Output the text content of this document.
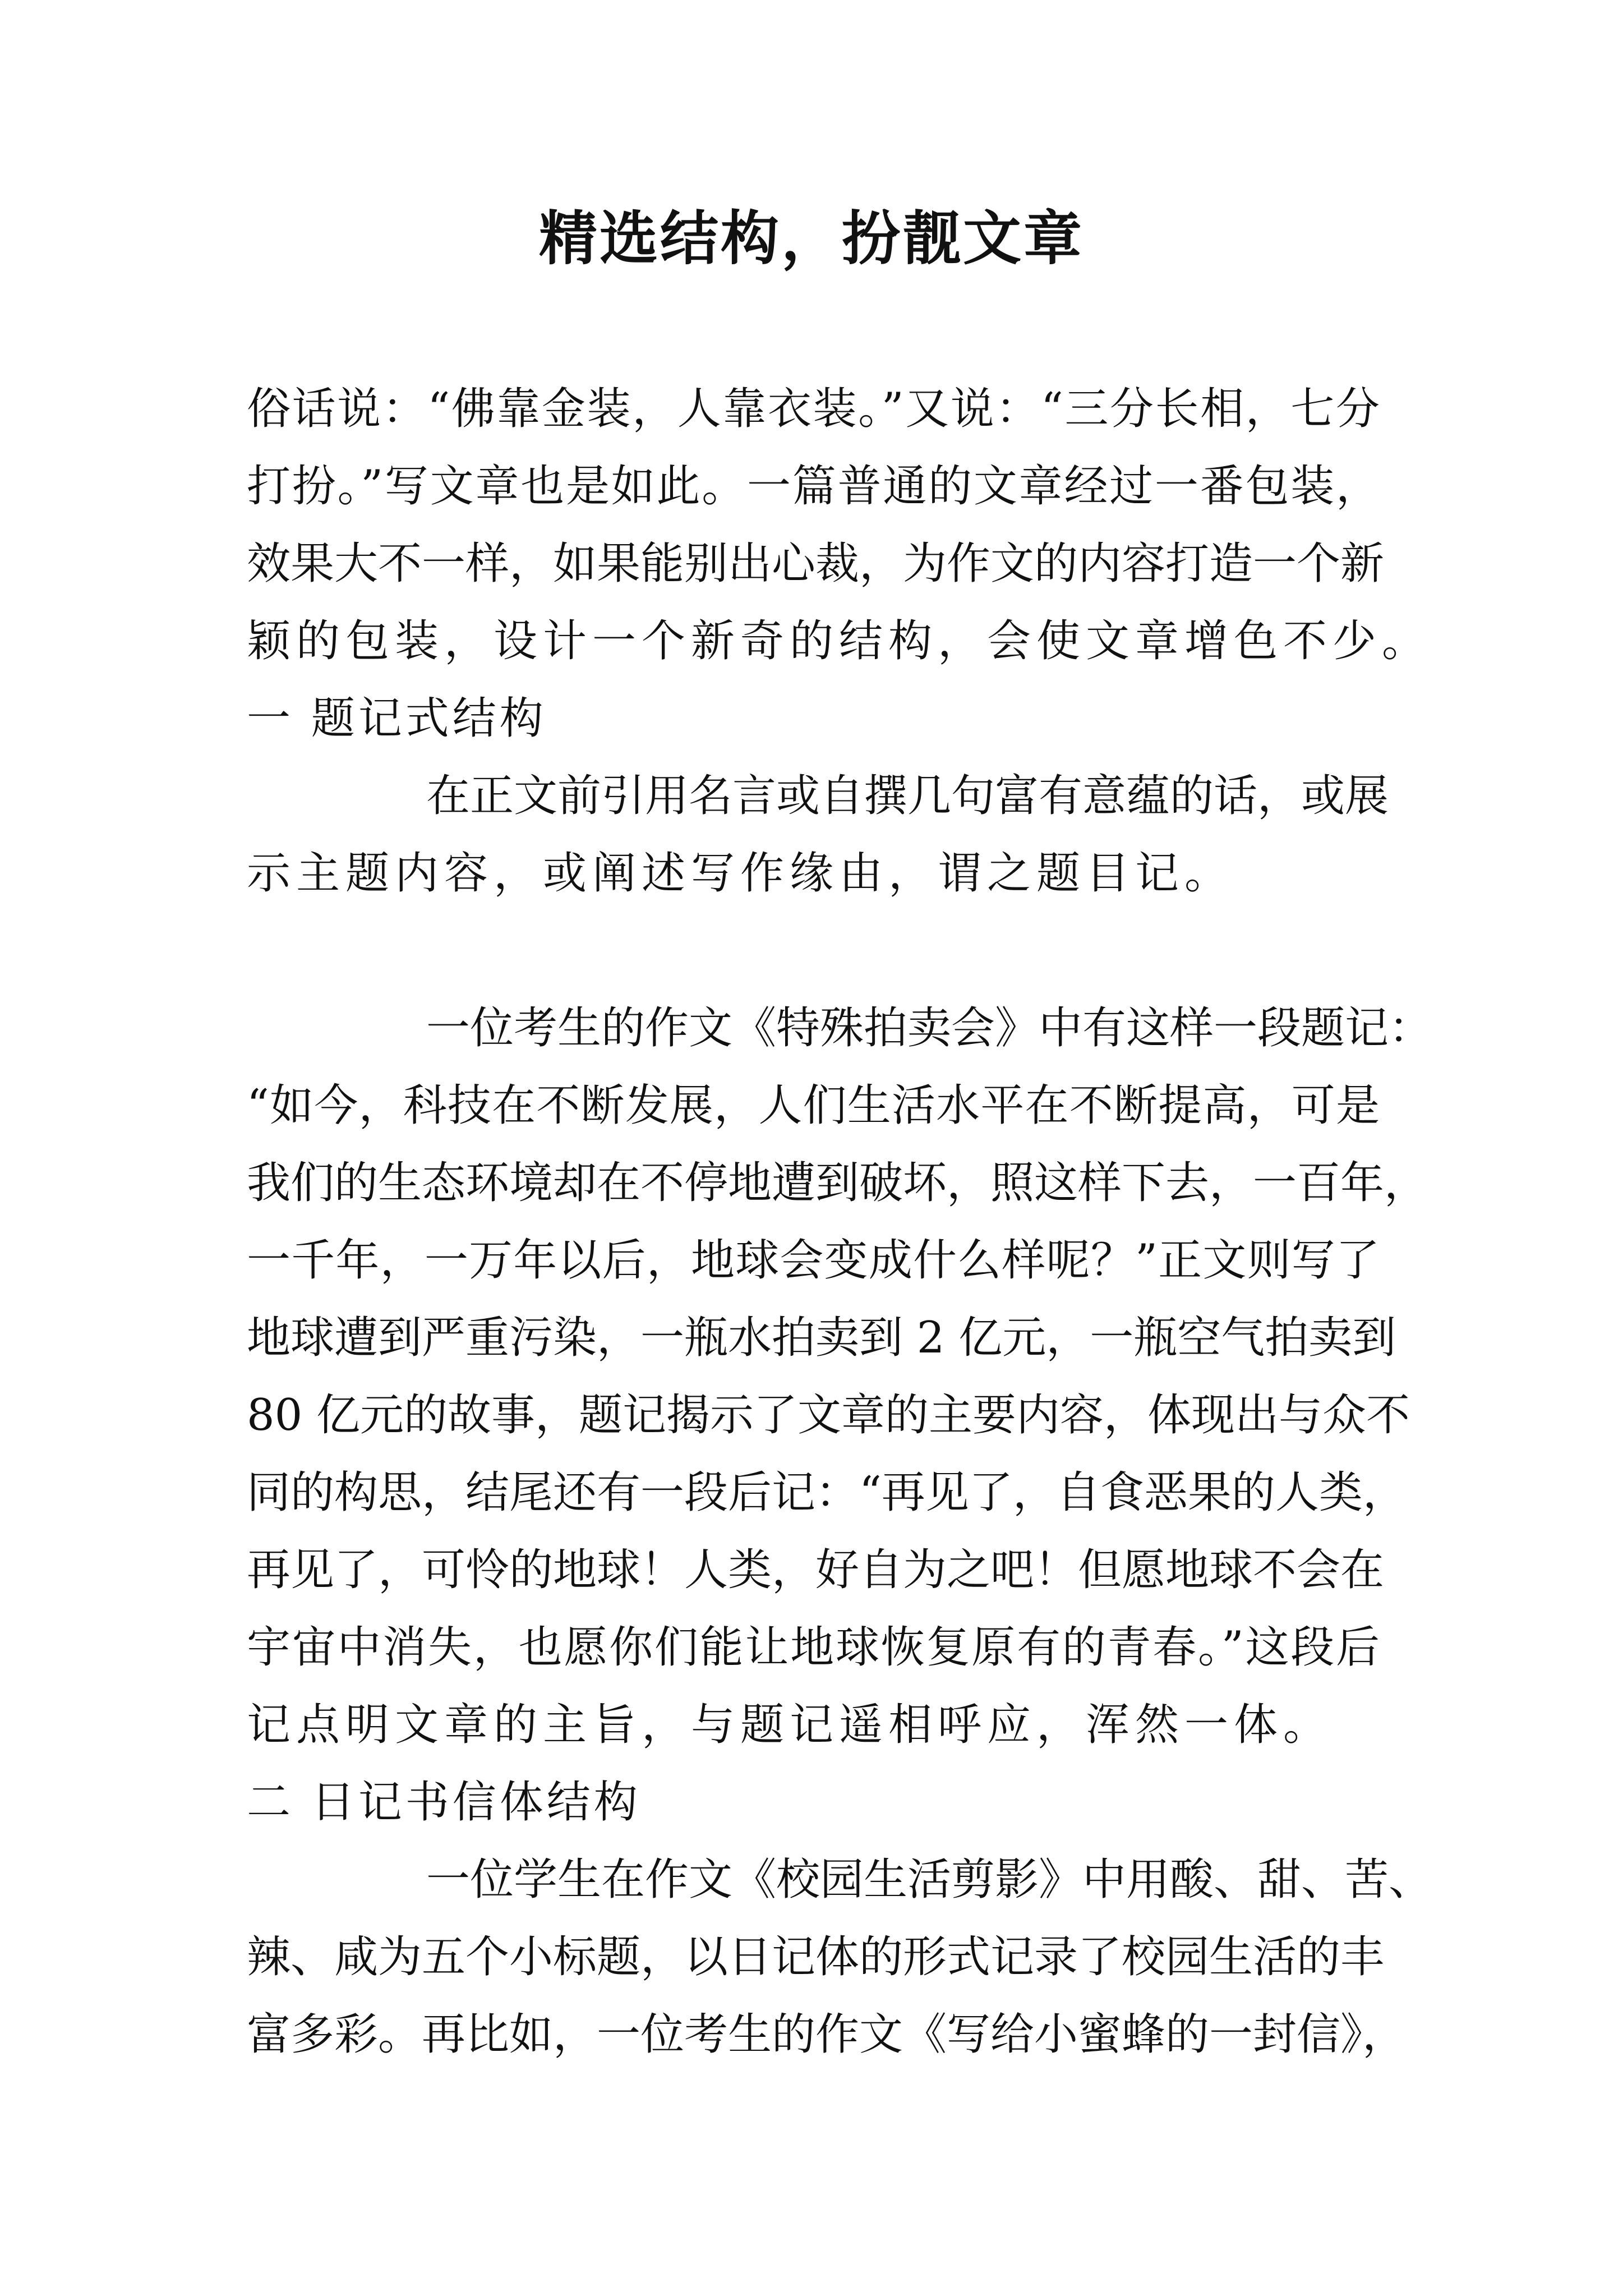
精选结构，扮靓文章
俗话说：“佛靠金装，人靠衣装。”又说：“三分长相，七分
打扮。”写文章也是如此。一篇普通的文章经过一番包装，
效果大不一样，如果能别出心裁，为作文的内容打造一个新
颖的包装，设计一个新奇的结构，会使文章增色不少。
一 题记式结构
在正文前引用名言或自撰几句富有意蕴的话，或展
示主题内容，或阐述写作缘由，谓之题目记。
一位考生的作文《特殊拍卖会》中有这样一段题记：
“如今，科技在不断发展，人们生活水平在不断提高，可是
我们的生态环境却在不停地遭到破坏，照这样下去，一百年，
一千年，一万年以后，地球会变成什么样呢？”正文则写了
地球遭到严重污染，一瓶水拍卖到 2 亿元，一瓶空气拍卖到
80 亿元的故事，题记揭示了文章的主要内容，体现出与众不
同的构思，结尾还有一段后记：“再见了，自食恶果的人类，
再见了，可怜的地球！人类，好自为之吧！但愿地球不会在
宇宙中消失，也愿你们能让地球恢复原有的青春。”这段后
记点明文章的主旨，与题记遥相呼应，浑然一体。
二 日记书信体结构
一位学生在作文《校园生活剪影》中用酸、甜、苦、
辣、咸为五个小标题，以日记体的形式记录了校园生活的丰
富多彩。再比如，一位考生的作文《写给小蜜蜂的一封信》，
